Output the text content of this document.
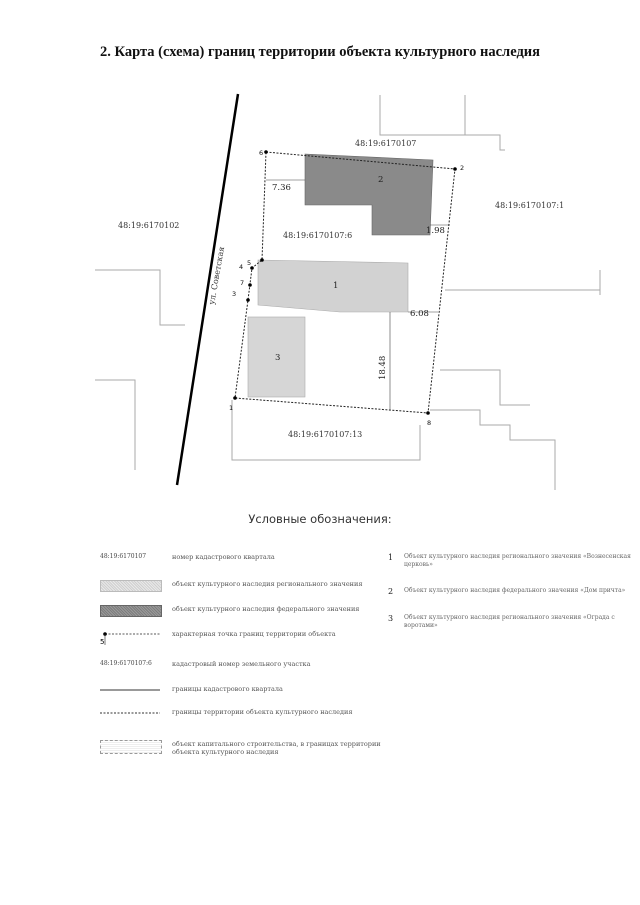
2. Карта (схема) границ территории объекта культурного наследия
ул. Советская
7.36
1.98
6.08
18.48
48:19:6170107
48:19:6170102
48:19:6170107:1
48:19:6170107:6
48:19:6170107:13
1
2
3
1
2
3
4 5
6
7
8
Условные обозначения:
48:19:6170107	номер кадастрового квартала
объект культурного наследия регионального значения
объект культурного наследия федерального значения
5
характерная точка границ территории объекта
48:19:6170107:6	кадастровый номер земельного участка
границы кадастрового квартала
границы территории объекта культурного наследия
объект капитального строительства, в границах территории объекта культурного наследия
1 Объект культурного наследия регионального значения «Вознесенская церковь»
2 Объект культурного наследия федерального значения «Дом причта»
3 Объект культурного наследия регионального значения «Ограда с воротами»
